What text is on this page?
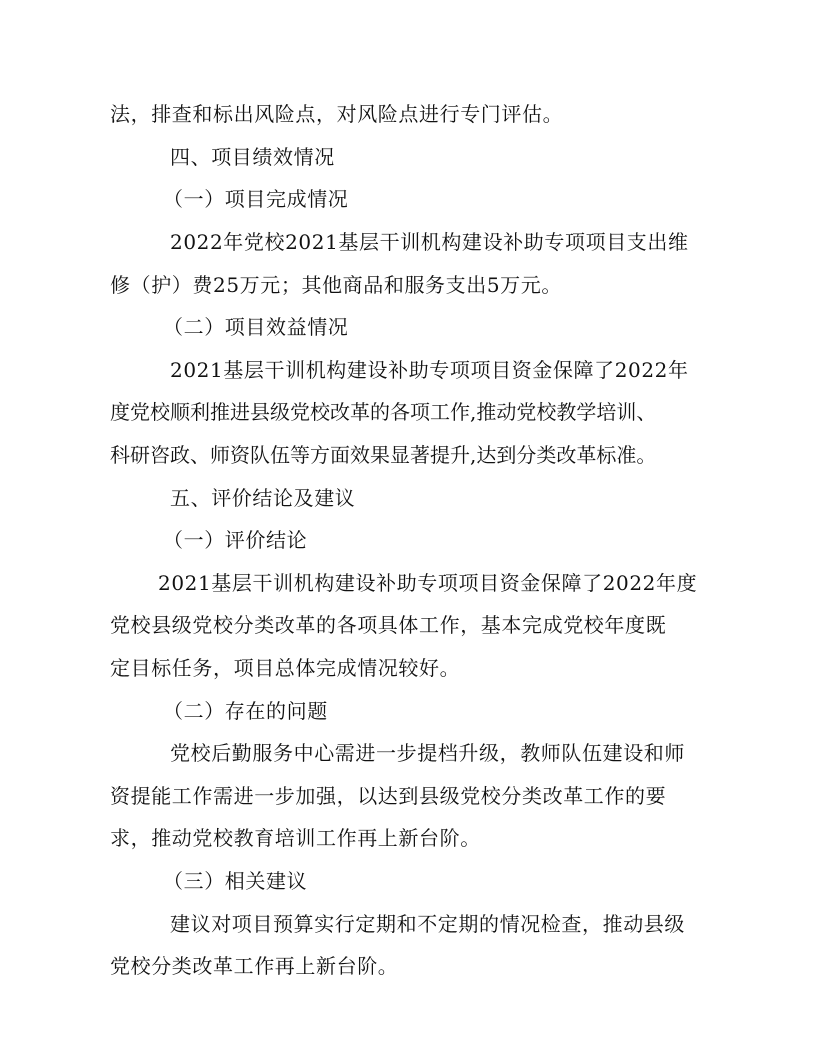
法，排查和标出风险点，对风险点进行专门评估。
四、项目绩效情况
（一）项目完成情况
2022年党校2021基层干训机构建设补助专项项目支出维
修（护）费25万元；其他商品和服务支出5万元。
（二）项目效益情况
2021基层干训机构建设补助专项项目资金保障了2022年
度党校顺利推进县级党校改革的各项工作,推动党校教学培训、
科研咨政、师资队伍等方面效果显著提升,达到分类改革标准。
五、评价结论及建议
（一）评价结论
2021基层干训机构建设补助专项项目资金保障了2022年度
党校县级党校分类改革的各项具体工作，基本完成党校年度既
定目标任务，项目总体完成情况较好。
（二）存在的问题
党校后勤服务中心需进一步提档升级，教师队伍建设和师
资提能工作需进一步加强，以达到县级党校分类改革工作的要
求，推动党校教育培训工作再上新台阶。
（三）相关建议
建议对项目预算实行定期和不定期的情况检查，推动县级
党校分类改革工作再上新台阶。
